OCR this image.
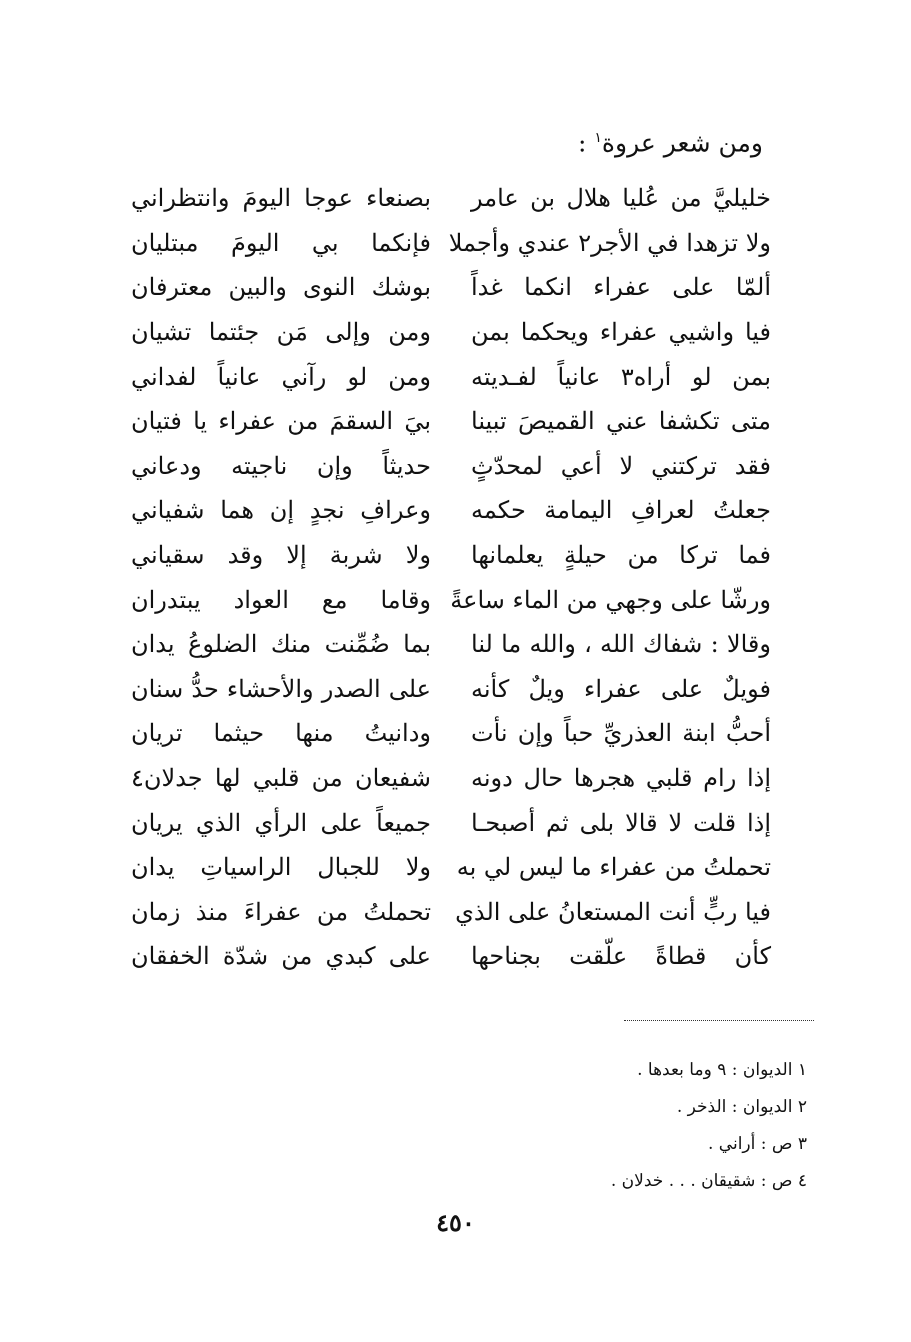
ومن شعر عروة$^١$ :
خليليَّ من عُليا هلال بن عامر
بصنعاء عوجا اليومَ وانتظراني
ولا تزهدا في الأجر٢ عندي وأجملا
فإنكما بي اليومَ مبتليان
ألمّا على عفراء انكما غداً
بوشك النوى والبين معترفان
فيا واشيي عفراء ويحكما بمن
ومن وإلى مَن جئتما تشيان
بمن لو أراه٣ عانياً لفـديته
ومن لو رآني عانياً لفداني
متى تكشفا عني القميصَ تبينا
بيَ السقمَ من عفراء يا فتيان
فقد تركتني لا أعي لمحدّثٍ
حديثاً وإن ناجيته ودعاني
جعلتُ لعرافِ اليمامة حكمه
وعرافِ نجدٍ إن هما شفياني
فما تركا من حيلةٍ يعلمانها
ولا شربة إلا وقد سقياني
ورشّا على وجهي من الماء ساعةً
وقاما مع العواد يبتدران
وقالا : شفاك الله ، والله ما لنا
بما ضُمِّنت منك الضلوعُ يدان
فويلٌ على عفراء ويلٌ كأنه
على الصدر والأحشاء حدُّ سنان
أحبُّ ابنة العذريِّ حباً وإن نأت
ودانيتُ منها حيثما تريان
إذا رام قلبي هجرها حال دونه
شفيعان من قلبي لها جدلان٤
إذا قلت لا قالا بلى ثم أصبحـا
جميعاً على الرأي الذي يريان
تحملتُ من عفراء ما ليس لي به
ولا للجبال الراسياتِ يدان
فيا ربٍّ أنت المستعانُ على الذي
تحملتُ من عفراءَ منذ زمان
كأن قطاةً علّقت بجناحها
على كبدي من شدّة الخفقان
١ الديوان : ٩ وما بعدها .
٢ الديوان : الذخر .
٣ ص : أراني .
٤ ص : شقيقان . . . خدلان .
٤٥٠
